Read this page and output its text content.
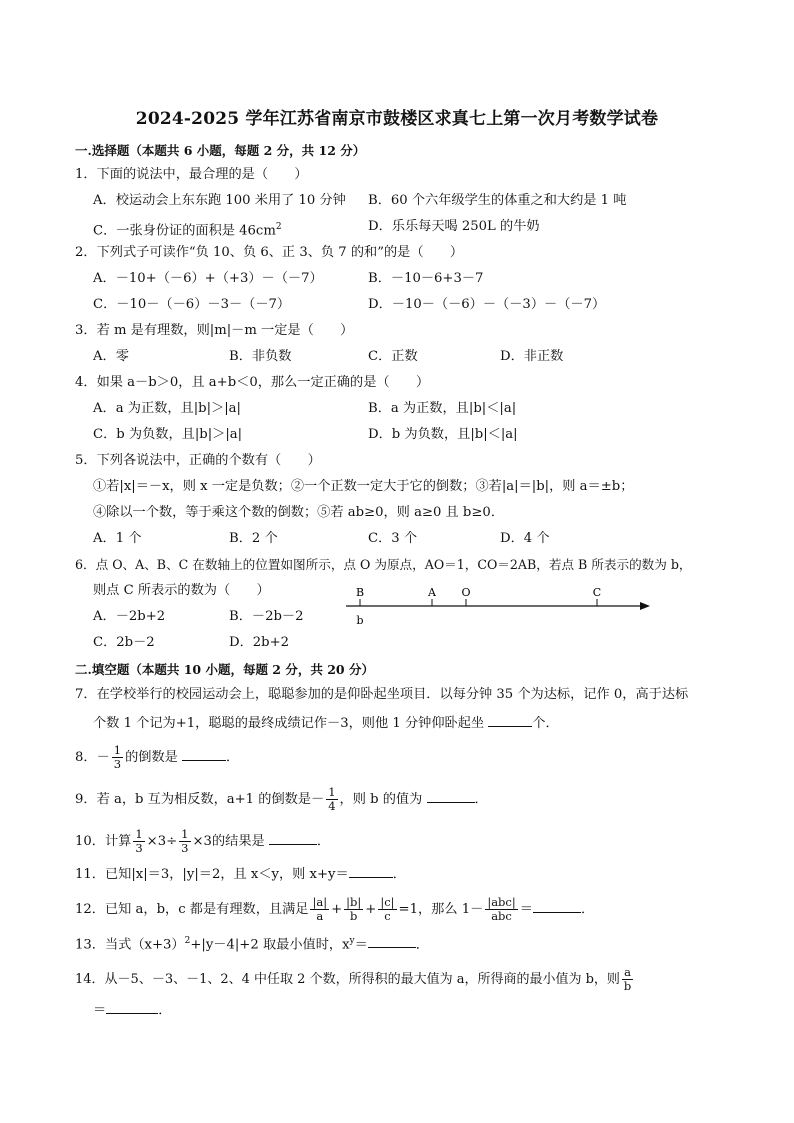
2024-2025 学年江苏省南京市鼓楼区求真七上第一次月考数学试卷
一.选择题（本题共 6 小题，每题 2 分，共 12 分）
1．下面的说法中，最合理的是（　　）
A．校运动会上东东跑 100 米用了 10 分钟 B．60 个六年级学生的体重之和大约是 1 吨
C．一张身份证的面积是 $46cm^2$	D．乐乐每天喝 250L 的牛奶
2．下列式子可读作“负 10、负 6、正 3、负 7 的和”的是（　　）
A．－10+（－6）+（+3）－（－7）	B．－10－6+3－7
C．－10－（－6）－3－（－7）	D．－10－（－6）－（－3）－（－7）
3．若 m 是有理数，则|m|－m 一定是（　　）
A．零	B．非负数	C．正数	D．非正数
4．如果 a－b＞0，且 a+b＜0，那么一定正确的是（　　）
A．a 为正数，且|b|＞|a|	B．a 为正数，且|b|＜|a|
C．b 为负数，且|b|＞|a|	D．b 为负数，且|b|＜|a|
5．下列各说法中，正确的个数有（　　）
①若|x|＝－x，则 x 一定是负数；②一个正数一定大于它的倒数；③若|a|＝|b|，则 a＝±b；
④除以一个数，等于乘这个数的倒数；⑤若 ab≥0，则 a≥0 且 b≥0．
A．1 个	B．2 个	C．3 个	D．4 个
6．点 O、A、B、C 在数轴上的位置如图所示，点 O 为原点，AO＝1，CO＝2AB，若点 B 所表示的数为 b，
则点 C 所表示的数为（　　）
A．－2b+2	B．－2b－2
C．2b－2	D．2b+2
B	A O	C
b
二.填空题（本题共 10 小题，每题 2 分，共 20 分）
7．在学校举行的校园运动会上，聪聪参加的是仰卧起坐项目．以每分钟 35 个为达标，记作 0，高于达标
个数 1 个记为+1，聪聪的最终成绩记作－3，则他 1 分钟仰卧起坐	个．
8．－ $\frac{1}{3}$ 的倒数是	．
9．若 a，b 互为相反数，a+1 的倒数是－ $\frac{1}{4}$ ，则 b 的值为	．
10．计算 $\frac{1}{3} \times 3\div \frac{1}{3} \times 3$的结果是	．
11．已知|x|＝3，|y|＝2，且 x＜y，则 x+y＝	．
12．已知 a，b，c 都是有理数，且满足 $\frac{|a|}{a} + \frac{|b|}{b} + \frac{|c|}{c} =1$，那么 $1- \frac{\text{|abc|}}{\text{abc}}$ ＝	．
13．当式$(x+3)^2+|y-4|+2$ 取最小值时，$x^y=$	．
14．从－5、－3、－1、2、4 中任取 2 个数，所得积的最大值为 a，所得商的最小值为 b，则 $\frac{a}{b}$
＝	．
